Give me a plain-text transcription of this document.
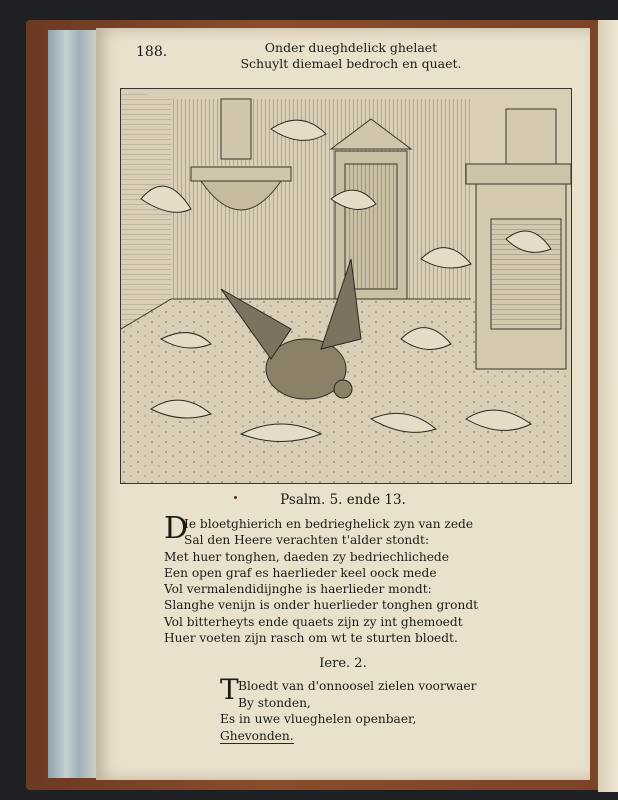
188.	Onder dueghdelick ghelaet
Schuylt diemael bedroch en quaet.
Psalm. 5. ende 13.
D
Ie bloetghierich en bedrieghelick zyn van zede
Sal den Heere verachten t'alder stondt:
Met huer tonghen, daeden zy bedriechlichede
Een open graf es haerlieder keel oock mede
Vol vermalendidijnghe is haerlieder mondt:
Slanghe venijn is onder huerlieder tonghen grondt
Vol bitterheyts ende quaets zijn zy int ghemoedt
Huer voeten zijn rasch om wt te sturten bloedt.
Iere. 2.
T Bloedt van d'onnoosel zielen voorwaer
By stonden,
Es in uwe vlueghelen openbaer,
Ghevonden.
